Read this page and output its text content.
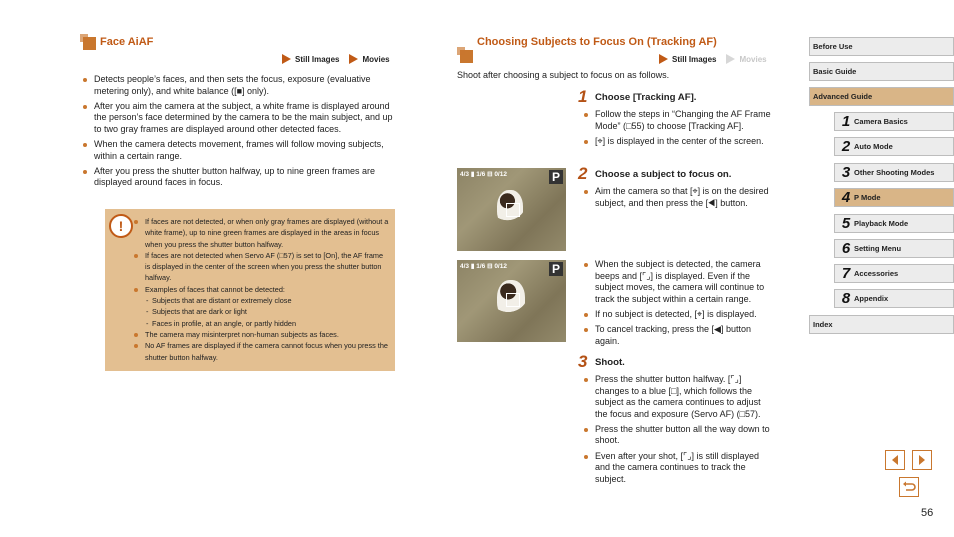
Face AiAF
Still Images	Movies
Detects people’s faces, and then sets the focus, exposure (evaluative metering only), and white balance ([■] only).
After you aim the camera at the subject, a white frame is displayed around the person’s face determined by the camera to be the main subject, and up to two gray frames are displayed around other detected faces.
When the camera detects movement, frames will follow moving subjects, within a certain range.
After you press the shutter button halfway, up to nine green frames are displayed around faces in focus.
!	If faces are not detected, or when only gray frames are displayed (without a white frame), up to nine green frames are displayed in the areas in focus when you press the shutter button halfway.
If faces are not detected when Servo AF (□57) is set to [On], the AF frame is displayed in the center of the screen when you press the shutter button halfway.
Examples of faces that cannot be detected:
- Subjects that are distant or extremely close
- Subjects that are dark or light
- Faces in profile, at an angle, or partly hidden
The camera may misinterpret non-human subjects as faces.
No AF frames are displayed if the camera cannot focus when you press the shutter button halfway.
Choosing Subjects to Focus On (Tracking AF)
Still Images	Movies
Shoot after choosing a subject to focus on as follows.
1 Choose [Tracking AF].
Follow the steps in “Changing the AF Frame Mode” (□55) to choose [Tracking AF].
[⌖] is displayed in the center of the screen.
2 Choose a subject to focus on.
Aim the camera so that [⌖] is on the desired subject, and then press the [◀] button.
When the subject is detected, the camera beeps and [⌜⌟] is displayed. Even if the subject moves, the camera will continue to track the subject within a certain range.
If no subject is detected, [⌖] is displayed.
To cancel tracking, press the [◀] button again.
4/3 ▮ 1/6 ⊟ 0/12	P
4/3 ▮ 1/6 ⊟ 0/12	P
3 Shoot.
Press the shutter button halfway. [⌜⌟] changes to a blue [□], which follows the subject as the camera continues to adjust the focus and exposure (Servo AF) (□57).
Press the shutter button all the way down to shoot.
Even after your shot, [⌜⌟] is still displayed and the camera continues to track the subject.
Before Use
Basic Guide
Advanced Guide
1 Camera Basics
2 Auto Mode
3 Other Shooting Modes
4 P Mode
5 Playback Mode
6 Setting Menu
7 Accessories
8 Appendix
Index
56
